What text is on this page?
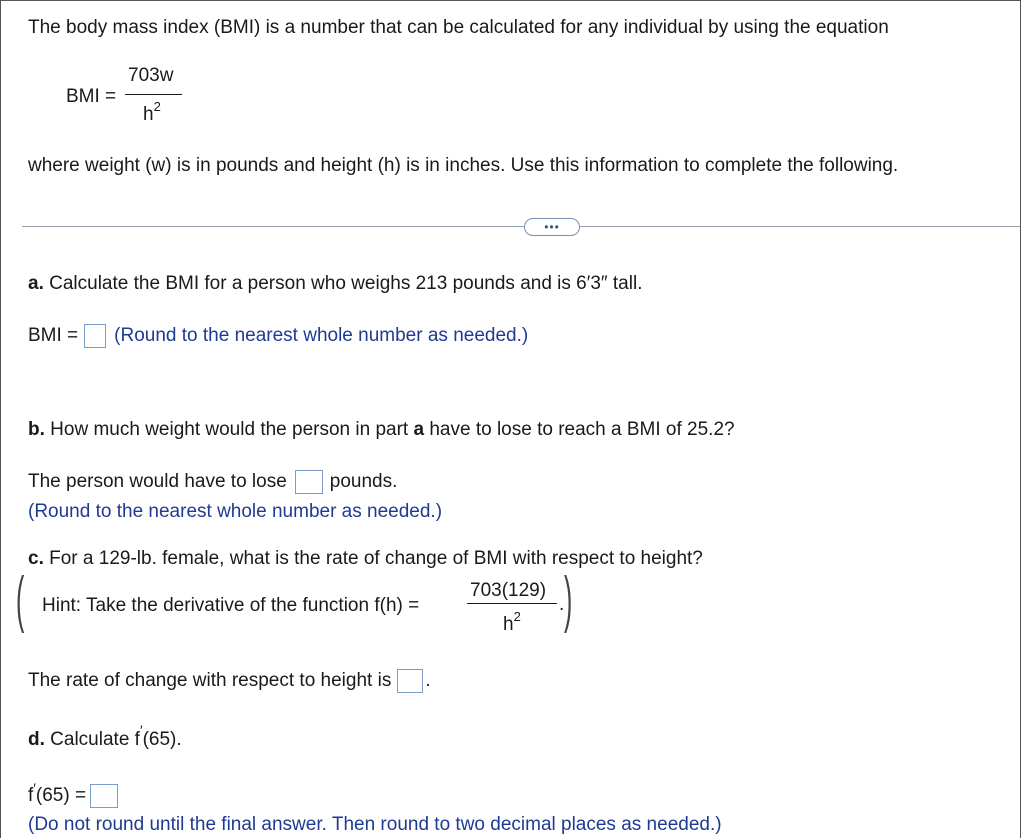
The body mass index (BMI) is a number that can be calculated for any individual by using the equation
BMI =
703w
$h^2$
where weight (w) is in pounds and height (h) is in inches. Use this information to complete the following.
•••
a. Calculate the BMI for a person who weighs 213 pounds and is 6′3″ tall.
BMI = (Round to the nearest whole number as needed.)
b. How much weight would the person in part a have to lose to reach a BMI of 25.2?
The person would have to lose pounds.
(Round to the nearest whole number as needed.)
c. For a 129-lb. female, what is the rate of change of BMI with respect to height?
( Hint: Take the derivative of the function f(h) =
703(129)
$h^2$
. )
The rate of change with respect to height is .
d. Calculate f′(65).
f′(65) =
(Do not round until the final answer. Then round to two decimal places as needed.)
